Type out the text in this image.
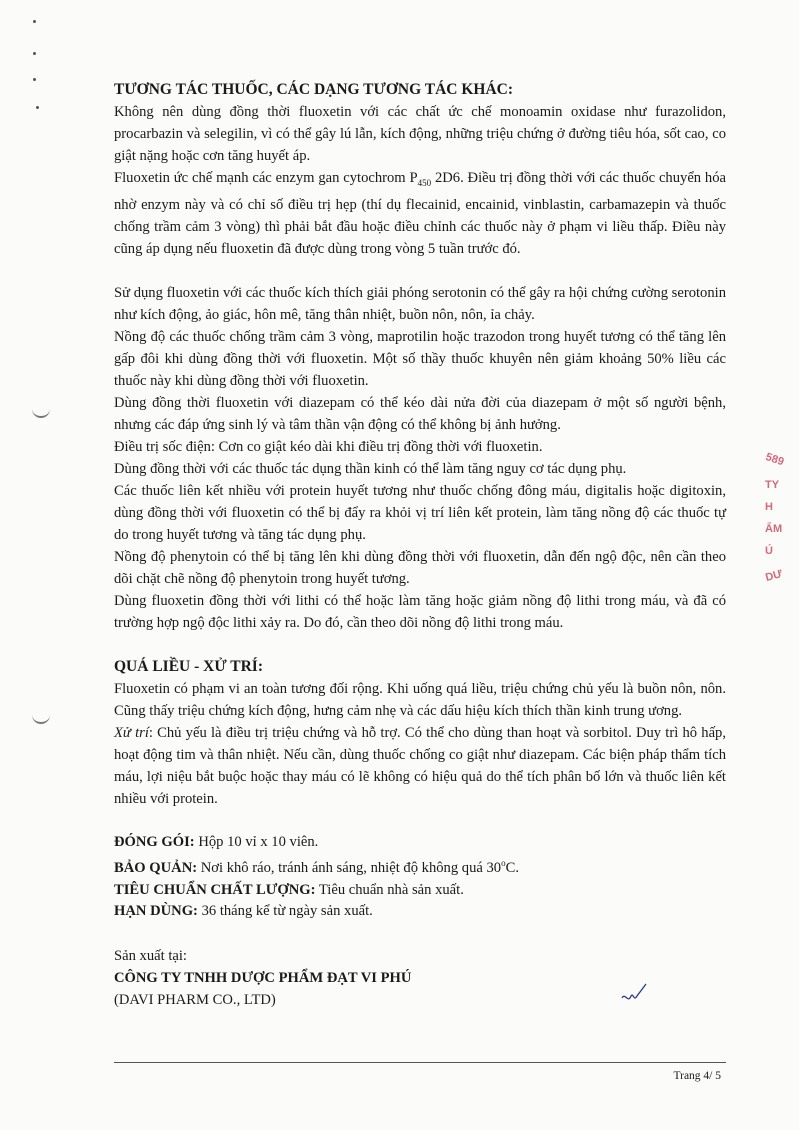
589
TY
H
ẨM
Ú
DƯ
TƯƠNG TÁC THUỐC, CÁC DẠNG TƯƠNG TÁC KHÁC:

Không nên dùng đồng thời fluoxetin với các chất ức chế monoamin oxidase như furazolidon, procarbazin và selegilin, vì có thể gây lú lẫn, kích động, những triệu chứng ở đường tiêu hóa, sốt cao, co giật nặng hoặc cơn tăng huyết áp.

Fluoxetin ức chế mạnh các enzym gan cytochrom $P_{450}$ 2D6. Điều trị đồng thời với các thuốc chuyển hóa nhờ enzym này và có chỉ số điều trị hẹp (thí dụ flecainid, encainid, vinblastin, carbamazepin và thuốc chống trầm cảm 3 vòng) thì phải bắt đầu hoặc điều chỉnh các thuốc này ở phạm vi liều thấp. Điều này cũng áp dụng nếu fluoxetin đã được dùng trong vòng 5 tuần trước đó.

Sử dụng fluoxetin với các thuốc kích thích giải phóng serotonin có thể gây ra hội chứng cường serotonin như kích động, ảo giác, hôn mê, tăng thân nhiệt, buồn nôn, nôn, ỉa chảy.

Nồng độ các thuốc chống trầm cảm 3 vòng, maprotilin hoặc trazodon trong huyết tương có thể tăng lên gấp đôi khi dùng đồng thời với fluoxetin. Một số thầy thuốc khuyên nên giảm khoảng 50% liều các thuốc này khi dùng đồng thời với fluoxetin.

Dùng đồng thời fluoxetin với diazepam có thể kéo dài nửa đời của diazepam ở một số người bệnh, nhưng các đáp ứng sinh lý và tâm thần vận động có thể không bị ảnh hưởng.

Điều trị sốc điện: Cơn co giật kéo dài khi điều trị đồng thời với fluoxetin.

Dùng đồng thời với các thuốc tác dụng thần kinh có thể làm tăng nguy cơ tác dụng phụ.

Các thuốc liên kết nhiều với protein huyết tương như thuốc chống đông máu, digitalis hoặc digitoxin, dùng đồng thời với fluoxetin có thể bị đẩy ra khỏi vị trí liên kết protein, làm tăng nồng độ các thuốc tự do trong huyết tương và tăng tác dụng phụ.

Nồng độ phenytoin có thể bị tăng lên khi dùng đồng thời với fluoxetin, dẫn đến ngộ độc, nên cần theo dõi chặt chẽ nồng độ phenytoin trong huyết tương.

Dùng fluoxetin đồng thời với lithi có thể hoặc làm tăng hoặc giảm nồng độ lithi trong máu, và đã có trường hợp ngộ độc lithi xảy ra. Do đó, cần theo dõi nồng độ lithi trong máu.

QUÁ LIỀU - XỬ TRÍ:

Fluoxetin có phạm vi an toàn tương đối rộng. Khi uống quá liều, triệu chứng chủ yếu là buồn nôn, nôn. Cũng thấy triệu chứng kích động, hưng cảm nhẹ và các dấu hiệu kích thích thần kinh trung ương.

Xử trí: Chủ yếu là điều trị triệu chứng và hỗ trợ. Có thể cho dùng than hoạt và sorbitol. Duy trì hô hấp, hoạt động tim và thân nhiệt. Nếu cần, dùng thuốc chống co giật như diazepam. Các biện pháp thẩm tích máu, lợi niệu bắt buộc hoặc thay máu có lẽ không có hiệu quả do thể tích phân bố lớn và thuốc liên kết nhiều với protein.

ĐÓNG GÓI: Hộp 10 vỉ x 10 viên.
BẢO QUẢN: Nơi khô ráo, tránh ánh sáng, nhiệt độ không quá 30$^o$C.
TIÊU CHUẨN CHẤT LƯỢNG: Tiêu chuẩn nhà sản xuất.
HẠN DÙNG: 36 tháng kể từ ngày sản xuất.
Sản xuất tại:
CÔNG TY TNHH DƯỢC PHẨM ĐẠT VI PHÚ
(DAVI PHARM CO., LTD)
Trang 4/ 5
